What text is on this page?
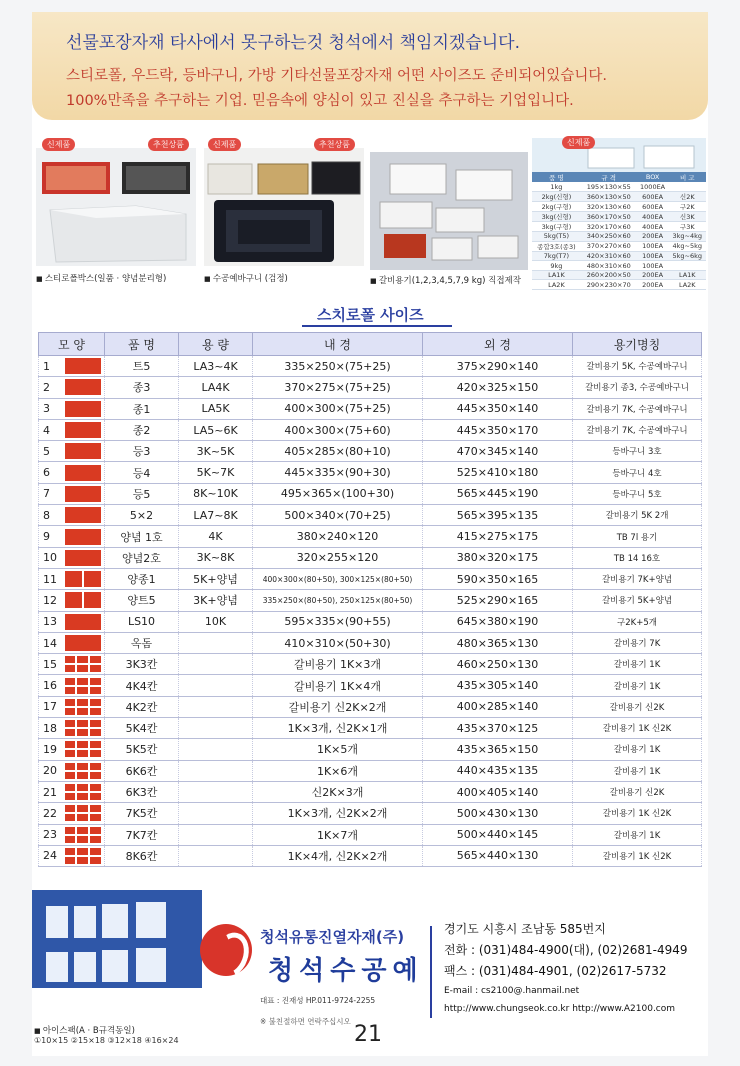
선물포장자재 타사에서 못구하는것 청석에서 책임지겠습니다.
스티로폴, 우드락, 등바구니, 가방 기타선물포장자재 어떤 사이즈도 준비되어있습니다.
100%만족을 추구하는 기업. 믿음속에 양심이 있고 진실을 추구하는 기업입니다.
신제품	추천상품
■ 스티로폴박스(일품 · 양념분리형)
신제품	추천상품
■ 수공예바구니 (검정)	■ 갈비용기(1,2,3,4,5,7,9 kg) 직접제작
신제품
품 명	규 격	BOX	비 고
1kg	195×130×55	1000EA	
2kg(신형)	360×130×50	600EA	신2K
2kg(구형)	320×130×60	600EA	구2K
3kg(신형)	360×170×50	400EA	신3K
3kg(구형)	320×170×60	400EA	구3K
5kg(T5)	340×250×60	200EA	3kg~4kg
종합3호(종3)	370×270×60	100EA	4kg~5kg
7kg(T7)	420×310×60	100EA	5kg~6kg
9kg	480×310×60	100EA	
LA1K	260×200×50	200EA	LA1K
LA2K	290×230×70	200EA	LA2K
스치로폴 사이즈
모 양		품 명	용 량	내 경	외 경	용기명칭
1		트5	LA3~4K	335×250×(75+25)	375×290×140	갈비용기 5K, 수공예바구니
2		종3	LA4K	370×275×(75+25)	420×325×150	갈비용기 종3, 수공예바구니
3		종1	LA5K	400×300×(75+25)	445×350×140	갈비용기 7K, 수공예바구니
4		종2	LA5~6K	400×300×(75+60)	445×350×170	갈비용기 7K, 수공예바구니
5		등3	3K~5K	405×285×(80+10)	470×345×140	등바구니 3호
6		등4	5K~7K	445×335×(90+30)	525×410×180	등바구니 4호
7		등5	8K~10K	495×365×(100+30)	565×445×190	등바구니 5호
8		5×2	LA7~8K	500×340×(70+25)	565×395×135	갈비용기 5K 2개
9		양념 1호	4K	380×240×120	415×275×175	TB 7l 용기
10		양념2호	3K~8K	320×255×120	380×320×175	TB 14 16호
11		양종1	5K+양념	400×300×(80+50), 300×125×(80+50)	590×350×165	갈비용기 7K+양념
12		양트5	3K+양념	335×250×(80+50), 250×125×(80+50)	525×290×165	갈비용기 5K+양념
13		LS10	10K	595×335×(90+55)	645×380×190	구2K+5개
14		옥돔		410×310×(50+30)	480×365×130	갈비용기 7K
15		3K3칸		갈비용기 1K×3개	460×250×130	갈비용기 1K
16		4K4칸		갈비용기 1K×4개	435×305×140	갈비용기 1K
17		4K2칸		갈비용기 신2K×2개	400×285×140	갈비용기 신2K
18		5K4칸		1K×3개, 신2K×1개	435×370×125	갈비용기 1K 신2K
19		5K5칸		1K×5개	435×365×150	갈비용기 1K
20		6K6칸		1K×6개	440×435×135	갈비용기 1K
21		6K3칸		신2K×3개	400×405×140	갈비용기 신2K
22		7K5칸		1K×3개, 신2K×2개	500×430×130	갈비용기 1K 신2K
23		7K7칸		1K×7개	500×440×145	갈비용기 1K
24		8K6칸		1K×4개, 신2K×2개	565×440×130	갈비용기 1K 신2K
■ 아이스팩(A · B규격동일)
①10×15 ②15×18 ③12×18 ④16×24
청석유통진열자재(주)
청석수공예
대표 : 진재성 HP.011-9724-2255
※ 불친절하면 연락주십시오
경기도 시흥시 조남동 585번지
전화 : (031)484-4900(대), (02)2681-4949
팩스 : (031)484-4901, (02)2617-5732
E-mail : cs2100@.hanmail.net
http://www.chungseok.co.kr http://www.A2100.com
21
